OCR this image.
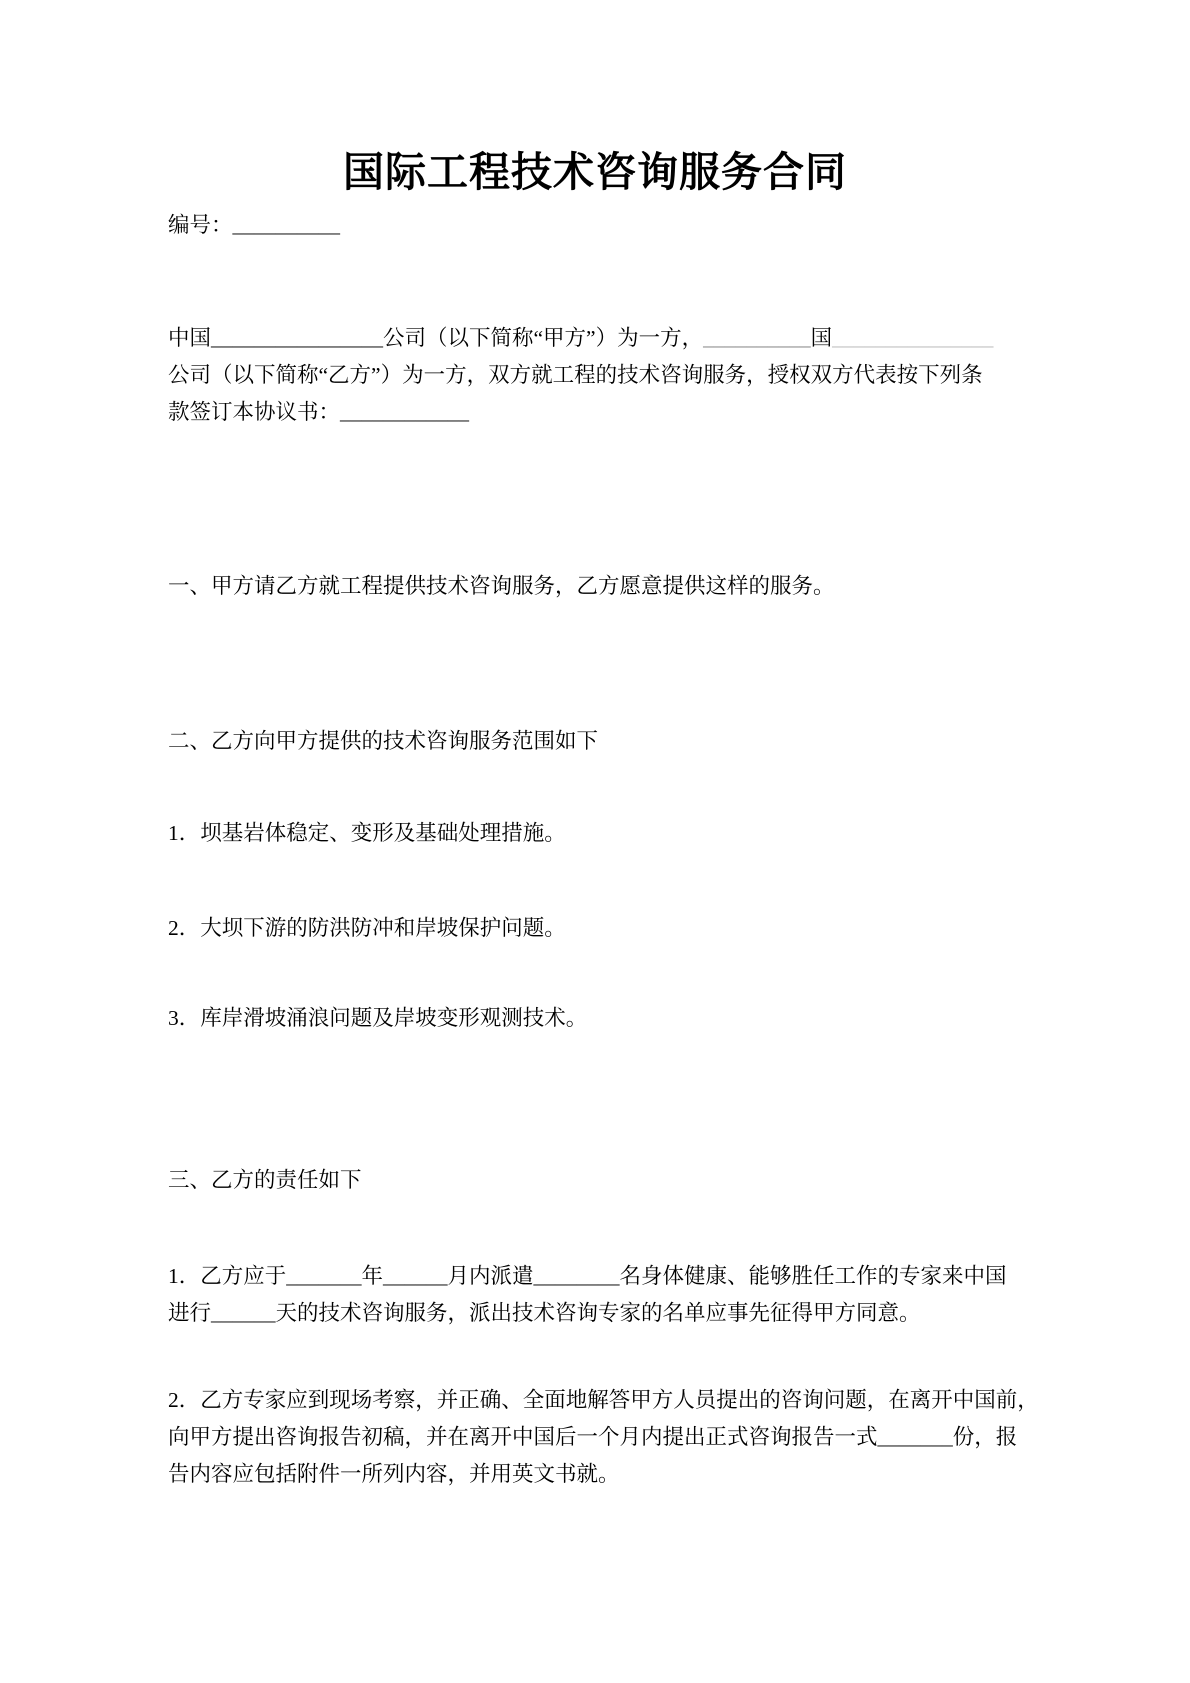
国际工程技术咨询服务合同

编号：__________

中国________________公司（以下简称“甲方”）为一方，__________国_______________
公司（以下简称“乙方”）为一方，双方就工程的技术咨询服务，授权双方代表按下列条
款签订本协议书：____________

一、甲方请乙方就工程提供技术咨询服务，乙方愿意提供这样的服务。

二、乙方向甲方提供的技术咨询服务范围如下

1．坝基岩体稳定、变形及基础处理措施。

2．大坝下游的防洪防冲和岸坡保护问题。

3．库岸滑坡涌浪问题及岸坡变形观测技术。

三、乙方的责任如下

1．乙方应于_______年______月内派遣________名身体健康、能够胜任工作的专家来中国
进行______天的技术咨询服务，派出技术咨询专家的名单应事先征得甲方同意。
2．乙方专家应到现场考察，并正确、全面地解答甲方人员提出的咨询问题，在离开中国前，
向甲方提出咨询报告初稿，并在离开中国后一个月内提出正式咨询报告一式_______份，报
告内容应包括附件一所列内容，并用英文书就。
